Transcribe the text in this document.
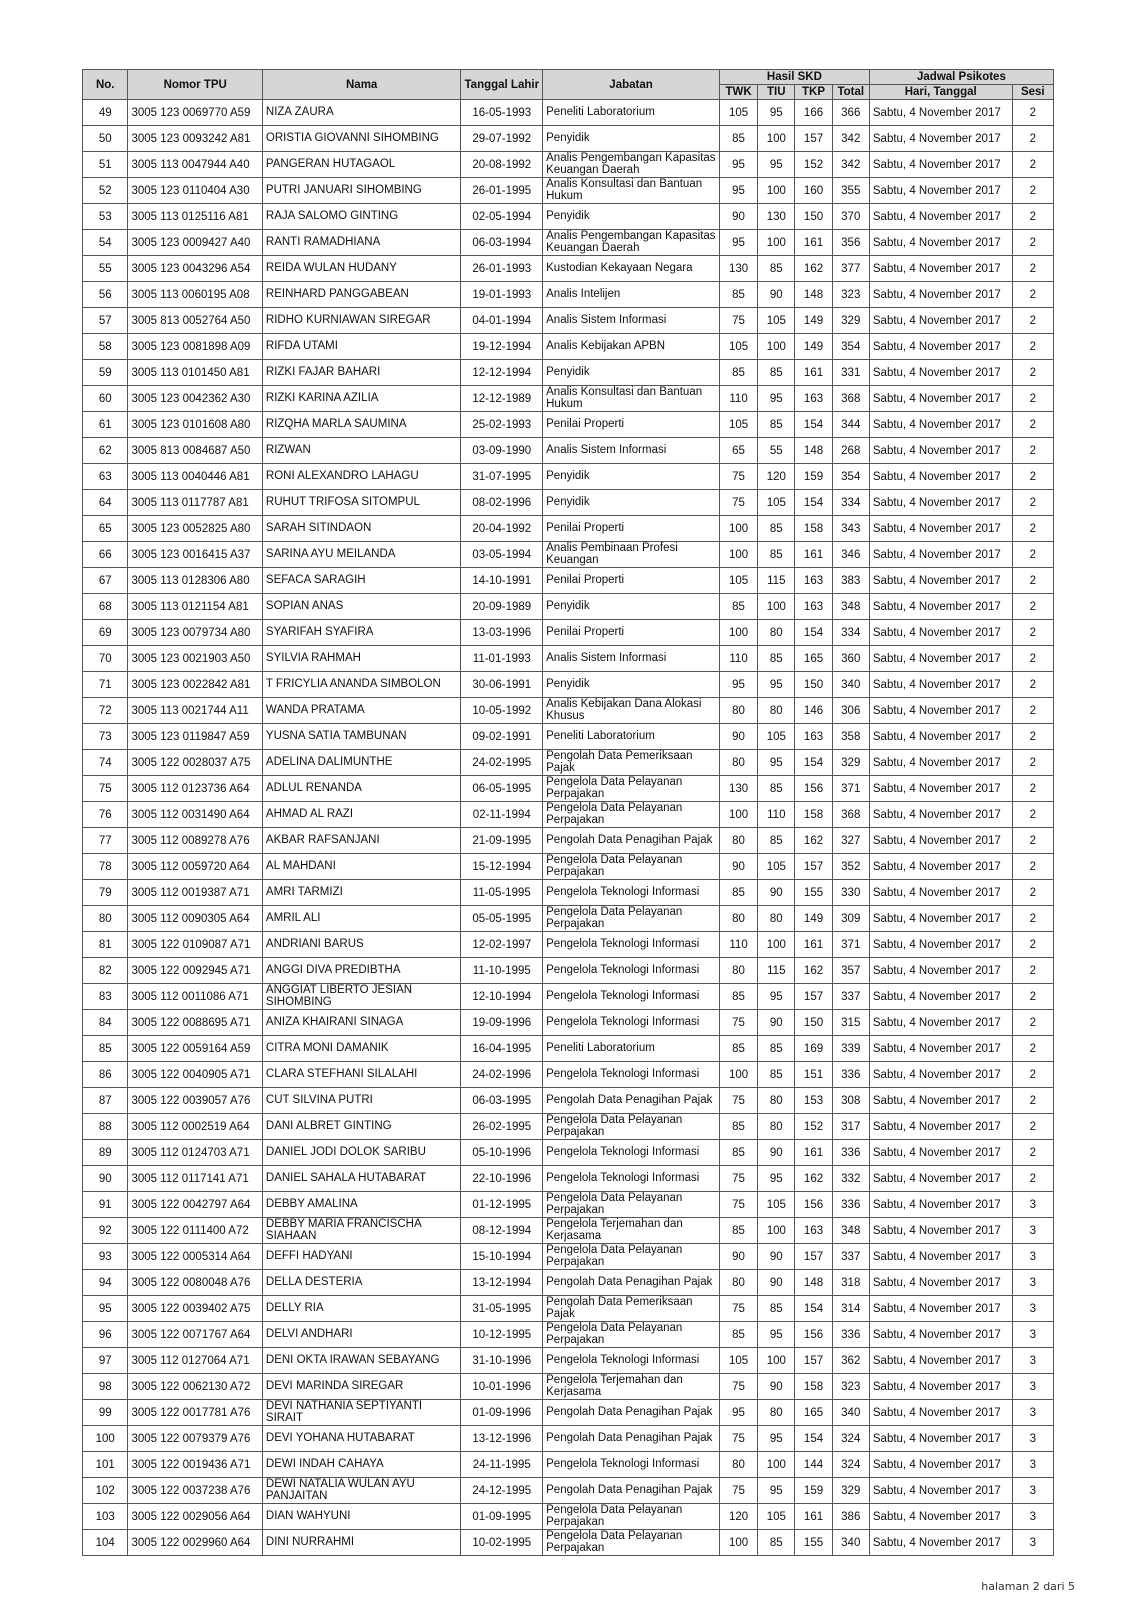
No.	Nomor TPU	Nama	Tanggal Lahir	Jabatan	Hasil SKD				Jadwal Psikotes	
					TWK	TIU	TKP	Total	Hari, Tanggal	Sesi
49	3005 123 0069770 A59	NIZA ZAURA	16-05-1993	Peneliti Laboratorium	105	95	166	366	Sabtu, 4 November 2017	2
50	3005 123 0093242 A81	ORISTIA GIOVANNI SIHOMBING	29-07-1992	Penyidik	85	100	157	342	Sabtu, 4 November 2017	2
51	3005 113 0047944 A40	PANGERAN HUTAGAOL	20-08-1992	Analis Pengembangan Kapasitas Keuangan Daerah	95	95	152	342	Sabtu, 4 November 2017	2
52	3005 123 0110404 A30	PUTRI JANUARI SIHOMBING	26-01-1995	Analis Konsultasi dan Bantuan Hukum	95	100	160	355	Sabtu, 4 November 2017	2
53	3005 113 0125116 A81	RAJA SALOMO GINTING	02-05-1994	Penyidik	90	130	150	370	Sabtu, 4 November 2017	2
54	3005 123 0009427 A40	RANTI RAMADHIANA	06-03-1994	Analis Pengembangan Kapasitas Keuangan Daerah	95	100	161	356	Sabtu, 4 November 2017	2
55	3005 123 0043296 A54	REIDA WULAN HUDANY	26-01-1993	Kustodian Kekayaan Negara	130	85	162	377	Sabtu, 4 November 2017	2
56	3005 113 0060195 A08	REINHARD PANGGABEAN	19-01-1993	Analis Intelijen	85	90	148	323	Sabtu, 4 November 2017	2
57	3005 813 0052764 A50	RIDHO KURNIAWAN SIREGAR	04-01-1994	Analis Sistem Informasi	75	105	149	329	Sabtu, 4 November 2017	2
58	3005 123 0081898 A09	RIFDA UTAMI	19-12-1994	Analis Kebijakan APBN	105	100	149	354	Sabtu, 4 November 2017	2
59	3005 113 0101450 A81	RIZKI FAJAR BAHARI	12-12-1994	Penyidik	85	85	161	331	Sabtu, 4 November 2017	2
60	3005 123 0042362 A30	RIZKI KARINA AZILIA	12-12-1989	Analis Konsultasi dan Bantuan Hukum	110	95	163	368	Sabtu, 4 November 2017	2
61	3005 123 0101608 A80	RIZQHA MARLA SAUMINA	25-02-1993	Penilai Properti	105	85	154	344	Sabtu, 4 November 2017	2
62	3005 813 0084687 A50	RIZWAN	03-09-1990	Analis Sistem Informasi	65	55	148	268	Sabtu, 4 November 2017	2
63	3005 113 0040446 A81	RONI ALEXANDRO LAHAGU	31-07-1995	Penyidik	75	120	159	354	Sabtu, 4 November 2017	2
64	3005 113 0117787 A81	RUHUT TRIFOSA SITOMPUL	08-02-1996	Penyidik	75	105	154	334	Sabtu, 4 November 2017	2
65	3005 123 0052825 A80	SARAH SITINDAON	20-04-1992	Penilai Properti	100	85	158	343	Sabtu, 4 November 2017	2
66	3005 123 0016415 A37	SARINA AYU MEILANDA	03-05-1994	Analis Pembinaan Profesi Keuangan	100	85	161	346	Sabtu, 4 November 2017	2
67	3005 113 0128306 A80	SEFACA SARAGIH	14-10-1991	Penilai Properti	105	115	163	383	Sabtu, 4 November 2017	2
68	3005 113 0121154 A81	SOPIAN ANAS	20-09-1989	Penyidik	85	100	163	348	Sabtu, 4 November 2017	2
69	3005 123 0079734 A80	SYARIFAH SYAFIRA	13-03-1996	Penilai Properti	100	80	154	334	Sabtu, 4 November 2017	2
70	3005 123 0021903 A50	SYILVIA RAHMAH	11-01-1993	Analis Sistem Informasi	110	85	165	360	Sabtu, 4 November 2017	2
71	3005 123 0022842 A81	T FRICYLIA ANANDA SIMBOLON	30-06-1991	Penyidik	95	95	150	340	Sabtu, 4 November 2017	2
72	3005 113 0021744 A11	WANDA PRATAMA	10-05-1992	Analis Kebijakan Dana Alokasi Khusus	80	80	146	306	Sabtu, 4 November 2017	2
73	3005 123 0119847 A59	YUSNA SATIA TAMBUNAN	09-02-1991	Peneliti Laboratorium	90	105	163	358	Sabtu, 4 November 2017	2
74	3005 122 0028037 A75	ADELINA DALIMUNTHE	24-02-1995	Pengolah Data Pemeriksaan Pajak	80	95	154	329	Sabtu, 4 November 2017	2
75	3005 112 0123736 A64	ADLUL RENANDA	06-05-1995	Pengelola Data Pelayanan Perpajakan	130	85	156	371	Sabtu, 4 November 2017	2
76	3005 112 0031490 A64	AHMAD AL RAZI	02-11-1994	Pengelola Data Pelayanan Perpajakan	100	110	158	368	Sabtu, 4 November 2017	2
77	3005 112 0089278 A76	AKBAR RAFSANJANI	21-09-1995	Pengolah Data Penagihan Pajak	80	85	162	327	Sabtu, 4 November 2017	2
78	3005 112 0059720 A64	AL MAHDANI	15-12-1994	Pengelola Data Pelayanan Perpajakan	90	105	157	352	Sabtu, 4 November 2017	2
79	3005 112 0019387 A71	AMRI TARMIZI	11-05-1995	Pengelola Teknologi Informasi	85	90	155	330	Sabtu, 4 November 2017	2
80	3005 112 0090305 A64	AMRIL ALI	05-05-1995	Pengelola Data Pelayanan Perpajakan	80	80	149	309	Sabtu, 4 November 2017	2
81	3005 122 0109087 A71	ANDRIANI BARUS	12-02-1997	Pengelola Teknologi Informasi	110	100	161	371	Sabtu, 4 November 2017	2
82	3005 122 0092945 A71	ANGGI DIVA PREDIBTHA	11-10-1995	Pengelola Teknologi Informasi	80	115	162	357	Sabtu, 4 November 2017	2
83	3005 112 0011086 A71	ANGGIAT LIBERTO JESIAN SIHOMBING	12-10-1994	Pengelola Teknologi Informasi	85	95	157	337	Sabtu, 4 November 2017	2
84	3005 122 0088695 A71	ANIZA KHAIRANI SINAGA	19-09-1996	Pengelola Teknologi Informasi	75	90	150	315	Sabtu, 4 November 2017	2
85	3005 122 0059164 A59	CITRA MONI DAMANIK	16-04-1995	Peneliti Laboratorium	85	85	169	339	Sabtu, 4 November 2017	2
86	3005 122 0040905 A71	CLARA STEFHANI SILALAHI	24-02-1996	Pengelola Teknologi Informasi	100	85	151	336	Sabtu, 4 November 2017	2
87	3005 122 0039057 A76	CUT SILVINA PUTRI	06-03-1995	Pengolah Data Penagihan Pajak	75	80	153	308	Sabtu, 4 November 2017	2
88	3005 112 0002519 A64	DANI ALBRET GINTING	26-02-1995	Pengelola Data Pelayanan Perpajakan	85	80	152	317	Sabtu, 4 November 2017	2
89	3005 112 0124703 A71	DANIEL JODI DOLOK SARIBU	05-10-1996	Pengelola Teknologi Informasi	85	90	161	336	Sabtu, 4 November 2017	2
90	3005 112 0117141 A71	DANIEL SAHALA HUTABARAT	22-10-1996	Pengelola Teknologi Informasi	75	95	162	332	Sabtu, 4 November 2017	2
91	3005 122 0042797 A64	DEBBY AMALINA	01-12-1995	Pengelola Data Pelayanan Perpajakan	75	105	156	336	Sabtu, 4 November 2017	3
92	3005 122 0111400 A72	DEBBY MARIA FRANCISCHA SIAHAAN	08-12-1994	Pengelola Terjemahan dan Kerjasama	85	100	163	348	Sabtu, 4 November 2017	3
93	3005 122 0005314 A64	DEFFI HADYANI	15-10-1994	Pengelola Data Pelayanan Perpajakan	90	90	157	337	Sabtu, 4 November 2017	3
94	3005 122 0080048 A76	DELLA DESTERIA	13-12-1994	Pengolah Data Penagihan Pajak	80	90	148	318	Sabtu, 4 November 2017	3
95	3005 122 0039402 A75	DELLY RIA	31-05-1995	Pengolah Data Pemeriksaan Pajak	75	85	154	314	Sabtu, 4 November 2017	3
96	3005 122 0071767 A64	DELVI ANDHARI	10-12-1995	Pengelola Data Pelayanan Perpajakan	85	95	156	336	Sabtu, 4 November 2017	3
97	3005 112 0127064 A71	DENI OKTA IRAWAN SEBAYANG	31-10-1996	Pengelola Teknologi Informasi	105	100	157	362	Sabtu, 4 November 2017	3
98	3005 122 0062130 A72	DEVI MARINDA SIREGAR	10-01-1996	Pengelola Terjemahan dan Kerjasama	75	90	158	323	Sabtu, 4 November 2017	3
99	3005 122 0017781 A76	DEVI NATHANIA SEPTIYANTI SIRAIT	01-09-1996	Pengolah Data Penagihan Pajak	95	80	165	340	Sabtu, 4 November 2017	3
100	3005 122 0079379 A76	DEVI YOHANA HUTABARAT	13-12-1996	Pengolah Data Penagihan Pajak	75	95	154	324	Sabtu, 4 November 2017	3
101	3005 122 0019436 A71	DEWI INDAH CAHAYA	24-11-1995	Pengelola Teknologi Informasi	80	100	144	324	Sabtu, 4 November 2017	3
102	3005 122 0037238 A76	DEWI NATALIA WULAN AYU PANJAITAN	24-12-1995	Pengolah Data Penagihan Pajak	75	95	159	329	Sabtu, 4 November 2017	3
103	3005 122 0029056 A64	DIAN WAHYUNI	01-09-1995	Pengelola Data Pelayanan Perpajakan	120	105	161	386	Sabtu, 4 November 2017	3
104	3005 122 0029960 A64	DINI NURRAHMI	10-02-1995	Pengelola Data Pelayanan Perpajakan	100	85	155	340	Sabtu, 4 November 2017	3
halaman 2 dari 5
